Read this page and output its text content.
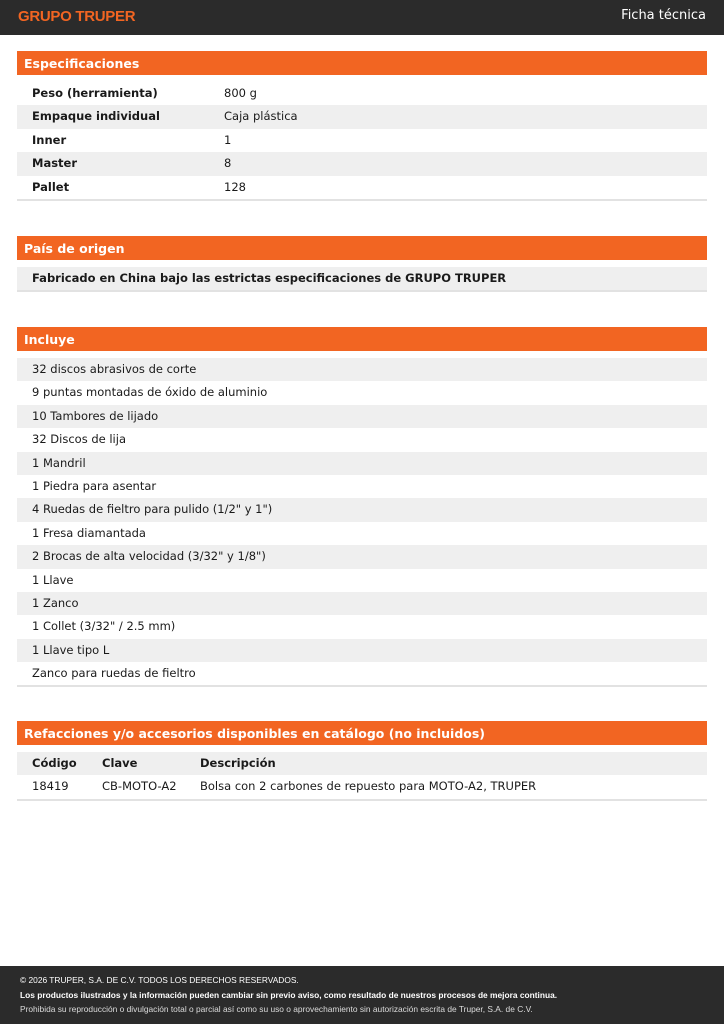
GRUPO TRUPER	Ficha técnica
Especificaciones
Peso (herramienta)	800 g
Empaque individual	Caja plástica
Inner	1
Master	8
Pallet	128
País de origen
Fabricado en China bajo las estrictas especificaciones de GRUPO TRUPER
Incluye
32 discos abrasivos de corte
9 puntas montadas de óxido de aluminio
10 Tambores de lijado
32 Discos de lija
1 Mandril
1 Piedra para asentar
4 Ruedas de fieltro para pulido (1/2" y 1")
1 Fresa diamantada
2 Brocas de alta velocidad (3/32" y 1/8")
1 Llave
1 Zanco
1 Collet (3/32" / 2.5 mm)
1 Llave tipo L
Zanco para ruedas de fieltro
Refacciones y/o accesorios disponibles en catálogo (no incluidos)
Código	Clave	Descripción
18419	CB-MOTO-A2	Bolsa con 2 carbones de repuesto para MOTO-A2, TRUPER
© 2026 TRUPER, S.A. DE C.V. TODOS LOS DERECHOS RESERVADOS.
Los productos ilustrados y la información pueden cambiar sin previo aviso, como resultado de nuestros procesos de mejora continua.
Prohibida su reproducción o divulgación total o parcial así como su uso o aprovechamiento sin autorización escrita de Truper, S.A. de C.V.
